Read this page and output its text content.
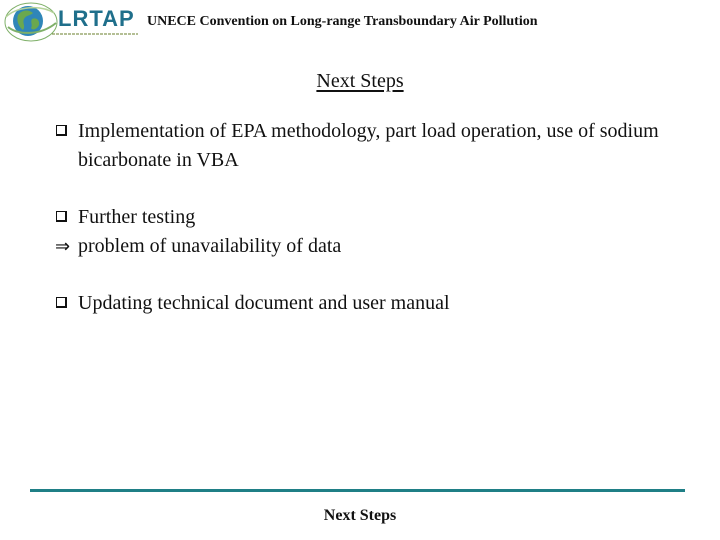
LRTAP UNECE Convention on Long-range Transboundary Air Pollution
Next Steps
Implementation of EPA methodology, part load operation, use of sodium bicarbonate in VBA
Further testing
⇒ problem of unavailability of data
Updating technical document and user manual
Next Steps
